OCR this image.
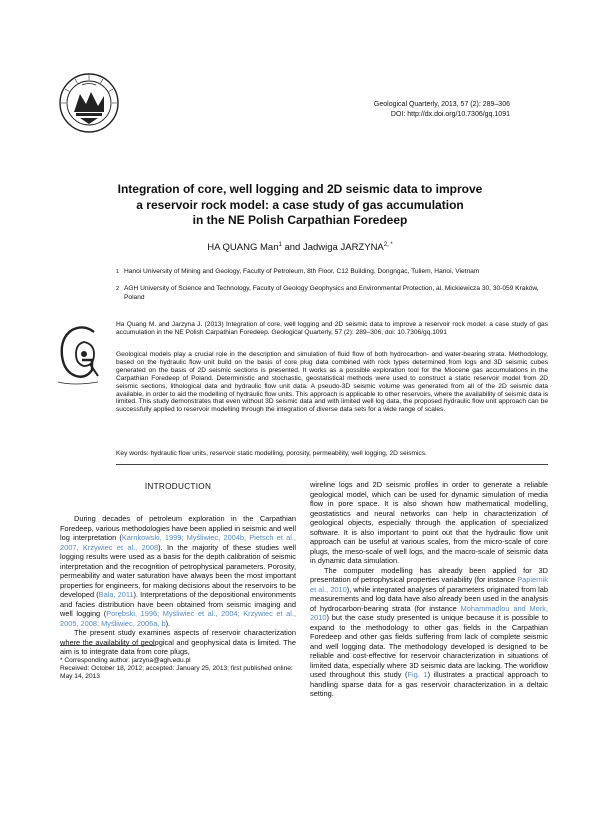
Geological Quarterly, 2013, 57 (2): 289–306
DOI: http://dx.doi.org/10.7306/gq.1091
Integration of core, well logging and 2D seismic data to improve
a reservoir rock model: a case study of gas accumulation
in the NE Polish Carpathian Foredeep
HA QUANG Man$^1$ and Jadwiga $JARZYNA^{2, *}$
1 Hanoi University of Mining and Geology, Faculty of Petroleum, 8th Floor, C12 Building, Dongngac, Tuliem, Hanoi, Vietnam
2 AGH University of Science and Technology, Faculty of Geology Geophysics and Environmental Protection, al. Mickiewicza 30, 30-059 Kraków, Poland
Ha Quang M. and Jarzyna J. (2013) Integration of core, well logging and 2D seismic data to improve a reservoir rock model: a case study of gas accumulation in the NE Polish Carpathian Foredeep. Geological Quarterly, 57 (2): 289–306, doi: 10.7306/gq.1091
Geological models play a crucial role in the description and simulation of fluid flow of both hydrocarbon- and water-bearing strata. Methodology, based on the hydraulic flow unit build on the basis of core plug data combined with rock types determined from logs and 3D seismic cubes generated on the basis of 2D seismic sections is presented. It works as a possible exploration tool for the Miocene gas accumulations in the Carpathian Foredeep of Poland. Deterministic and stochastic, geostatistical methods were used to construct a static reservoir model from 2D seismic sections, lithological data and hydraulic flow unit data. A pseudo-3D seismic volume was generated from all of the 2D seismic data available, in order to aid the modelling of hydraulic flow units. This approach is applicable to other reservoirs, where the availability of seismic data is limited. This study demonstrates that even without 3D seismic data and with limited well log data, the proposed hydraulic flow unit approach can be successfully applied to reservoir modelling through the integration of diverse data sets for a wide range of scales.
Key words: hydraulic flow units, reservoir static modelling, porosity, permeability, well logging, 2D seismics.
INTRODUCTION

During decades of petroleum exploration in the Carpathian Foredeep, various methodologies have been applied in seismic and well log interpretation (Karnkowski, 1999; Myśliwiec, 2004b, Pietsch et al., 2007, Krzywiec et al., 2008). In the majority of these studies well logging results were used as a basis for the depth calibration of seismic interpretation and the recognition of petrophysical parameters. Porosity, permeability and water saturation have always been the most important properties for engineers, for making decisions about the reservoirs to be developed (Bala, 2011). Interpretations of the depositional environments and facies distribution have been obtained from seismic imaging and well logging (Porębski, 1996; Myśliwiec et al., 2004; Krzywiec et al., 2005, 2008; Myśliwiec, 2006a, b).

The present study examines aspects of reservoir characterization where the availability of geological and geophysical data is limited. The aim is to integrate data from core plugs,

* Corresponding author: jarzyna@agh.edu.pl
Received: October 18, 2012; accepted: January 25, 2013; first published online: May 14, 2013

wireline logs and 2D seismic profiles in order to generate a reliable geological model, which can be used for dynamic simulation of media flow in pore space. It is also shown how mathematical modelling, geostatistics and neural networks can help in characterization of geological objects, especially through the application of specialized software. It is also important to point out that the hydraulic flow unit approach can be useful at various scales, from the micro-scale of core plugs, the meso-scale of well logs, and the macro-scale of seismic data in dynamic data simulation.

The computer modelling has already been applied for 3D presentation of petrophysical properties variability (for instance Papiernik et al., 2010), while integrated analyses of parameters originated from lab measurements and log data have also already been used in the analysis of hydrocarbon-bearing strata (for instance Mohammadlou and Mork, 2010) but the case study presented is unique because it is possible to expand to the methodology to other gas fields in the Carpathian Foredeep and other gas fields suffering from lack of complete seismic and well logging data. The methodology developed is designed to be reliable and cost-effective for reservoir characterization in situations of limited data, especially where 3D seismic data are lacking. The workflow used throughout this study (Fig. 1) illustrates a practical approach to handling sparse data for a gas reservoir characterization in a deltaic setting.
